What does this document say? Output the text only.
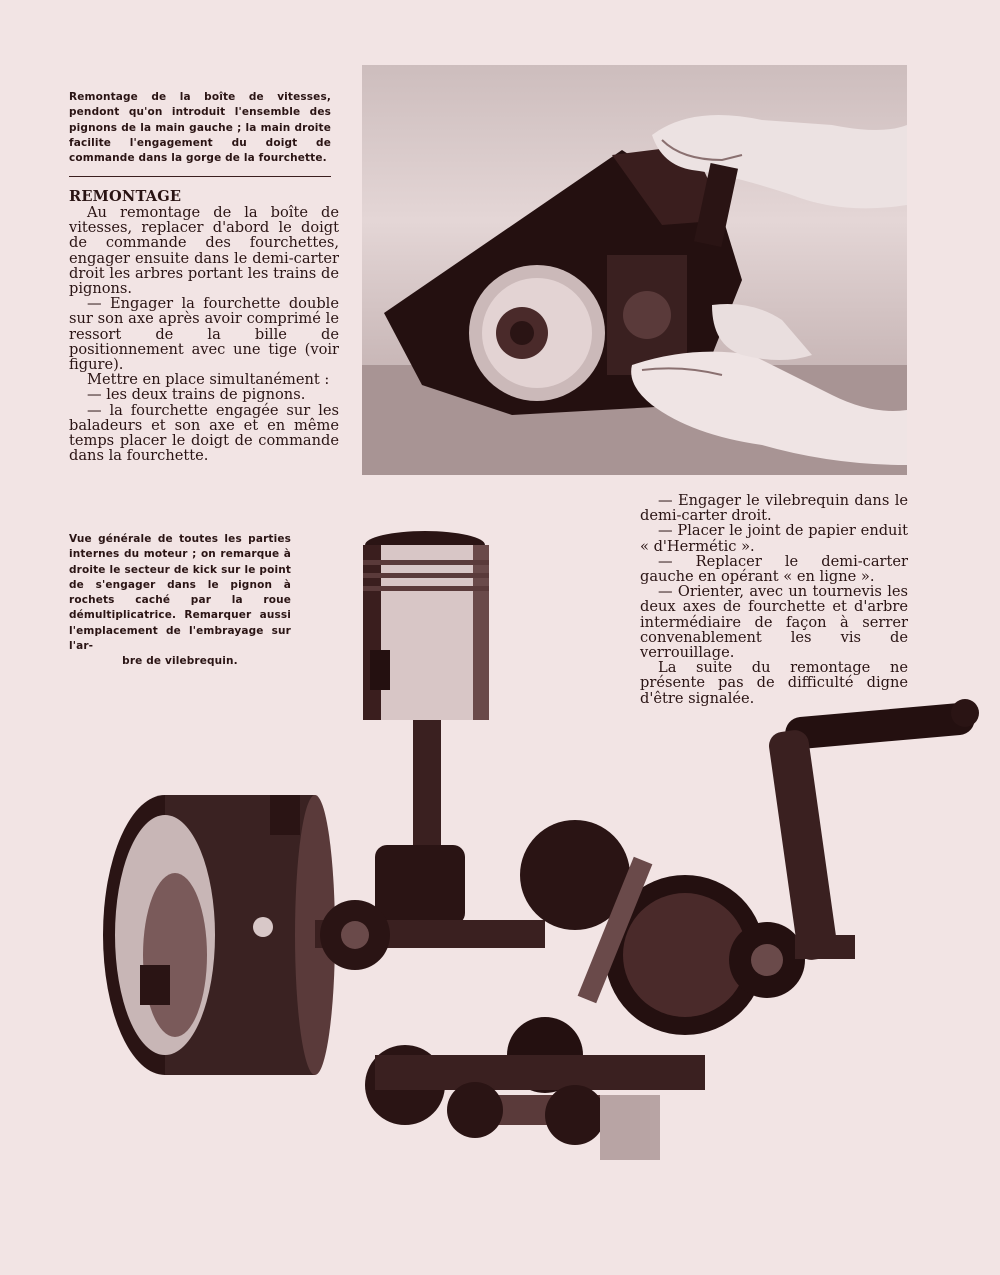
Remontage de la boîte de vitesses, pendont qu'on introduit l'ensemble des pignons de la main gauche ; la main droite facilite l'engagement du doigt de commande dans la gorge de la fourchette.
REMONTAGE

Au remontage de la boîte de vitesses, replacer d'abord le doigt de commande des fourchettes, engager ensuite dans le demi-carter droit les arbres portant les trains de pignons.

— Engager la fourchette double sur son axe après avoir comprimé le ressort de la bille de positionnement avec une tige (voir figure).

Mettre en place simultanément :

— les deux trains de pignons.

— la fourchette engagée sur les baladeurs et son axe et en même temps placer le doigt de commande dans la fourchette.

— Engager le vilebrequin dans le demi-carter droit.

— Placer le joint de papier enduit « d'Hermétic ».

— Replacer le demi-carter gauche en opérant « en ligne ».

— Orienter, avec un tournevis les deux axes de fourchette et d'arbre intermédiaire de façon à serrer convenablement les vis de verrouillage.

La suite du remontage ne présente pas de difficulté digne d'être signalée.

Vue générale de toutes les parties internes du moteur ; on remarque à droite le secteur de kick sur le point de s'engager dans le pignon à rochets caché par la roue démultiplicatrice. Remarquer aussi l'emplacement de l'embrayage sur l'ar-
bre de vilebrequin.
